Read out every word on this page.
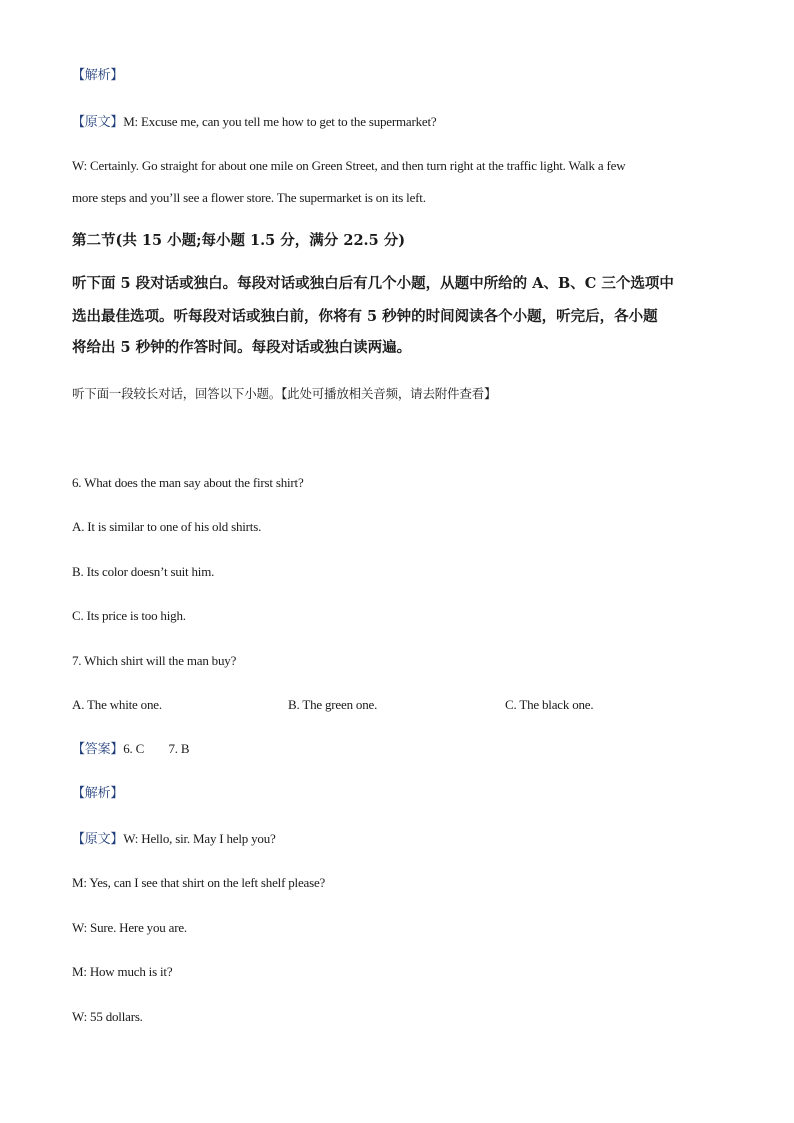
【解析】
【原文】M: Excuse me, can you tell me how to get to the supermarket?
W: Certainly. Go straight for about one mile on Green Street, and then turn right at the traffic light. Walk a few
more steps and you’ll see a flower store. The supermarket is on its left.
第二节(共 15 小题;每小题 1.5 分，满分 22.5 分)
听下面 5 段对话或独白。每段对话或独白后有几个小题，从题中所给的 A、B、C 三个选项中
选出最佳选项。听每段对话或独白前，你将有 5 秒钟的时间阅读各个小题，听完后，各小题
将给出 5 秒钟的作答时间。每段对话或独白读两遍。
听下面一段较长对话，回答以下小题。【此处可播放相关音频，请去附件查看】
6. What does the man say about the first shirt?
A. It is similar to one of his old shirts.
B. Its color doesn’t suit him.
C. Its price is too high.
7. Which shirt will the man buy?
A. The white one.	B. The green one.	C. The black one.
【答案】6. C        7. B
【解析】
【原文】W: Hello, sir. May I help you?
M: Yes, can I see that shirt on the left shelf please?
W: Sure. Here you are.
M: How much is it?
W: 55 dollars.
